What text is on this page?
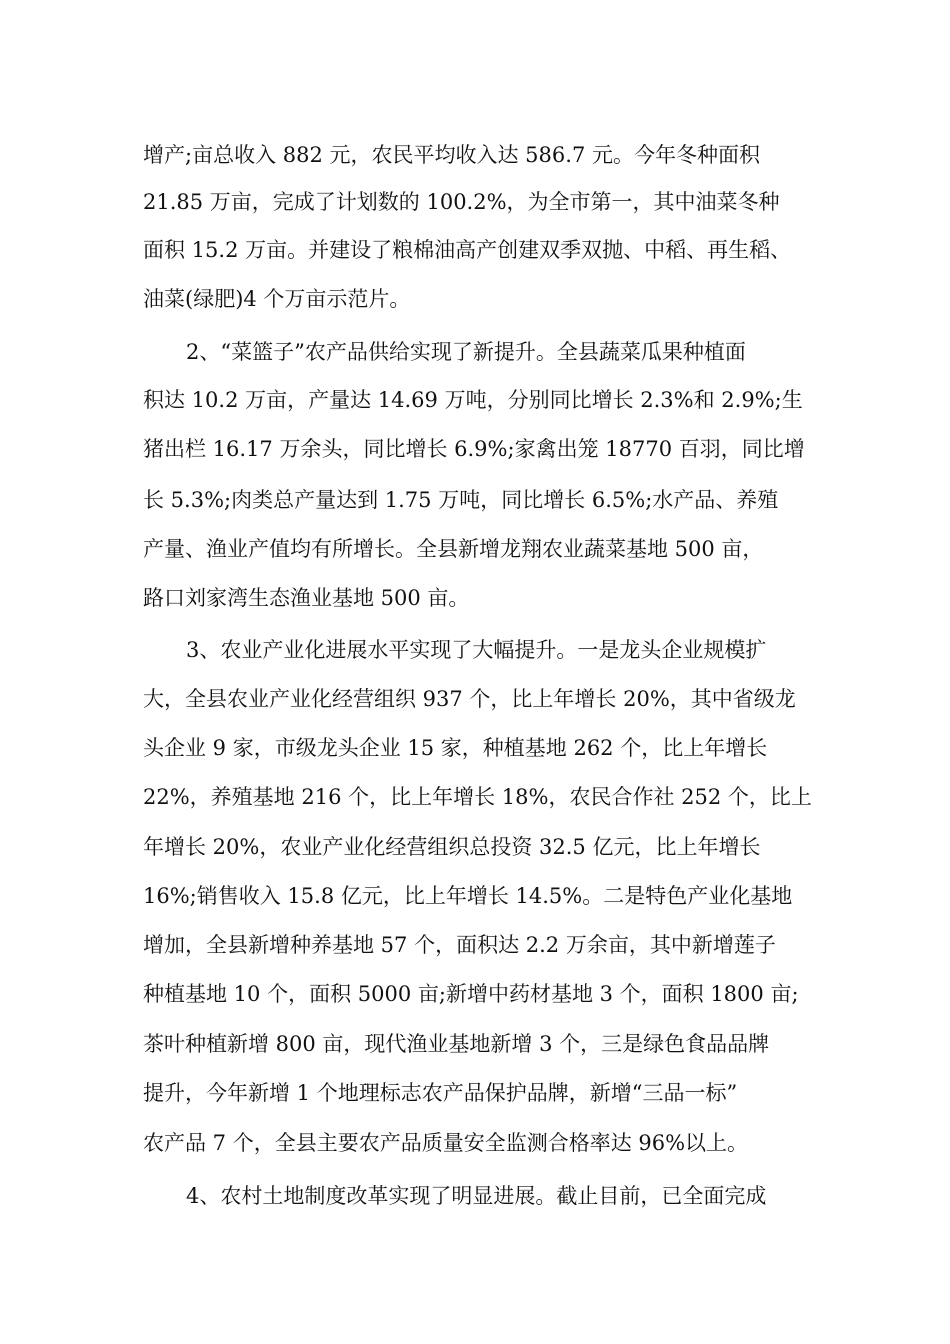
增产;亩总收入 882 元，农民平均收入达 586.7 元。今年冬种面积
21.85 万亩，完成了计划数的 100.2%，为全市第一，其中油菜冬种
面积 15.2 万亩。并建设了粮棉油高产创建双季双抛、中稻、再生稻、
油菜(绿肥)4 个万亩示范片。
2、“菜篮子”农产品供给实现了新提升。全县蔬菜瓜果种植面
积达 10.2 万亩，产量达 14.69 万吨，分别同比增长 2.3%和 2.9%;生
猪出栏 16.17 万余头，同比增长 6.9%;家禽出笼 18770 百羽，同比增
长 5.3%;肉类总产量达到 1.75 万吨，同比增长 6.5%;水产品、养殖
产量、渔业产值均有所增长。全县新增龙翔农业蔬菜基地 500 亩，
路口刘家湾生态渔业基地 500 亩。
3、农业产业化进展水平实现了大幅提升。一是龙头企业规模扩
大，全县农业产业化经营组织 937 个，比上年增长 20%，其中省级龙
头企业 9 家，市级龙头企业 15 家，种植基地 262 个，比上年增长
22%，养殖基地 216 个，比上年增长 18%，农民合作社 252 个，比上
年增长 20%，农业产业化经营组织总投资 32.5 亿元，比上年增长
16%;销售收入 15.8 亿元，比上年增长 14.5%。二是特色产业化基地
增加，全县新增种养基地 57 个，面积达 2.2 万余亩，其中新增莲子
种植基地 10 个，面积 5000 亩;新增中药材基地 3 个，面积 1800 亩;
茶叶种植新增 800 亩，现代渔业基地新增 3 个，三是绿色食品品牌
提升，今年新增 1 个地理标志农产品保护品牌，新增“三品一标”
农产品 7 个，全县主要农产品质量安全监测合格率达 96%以上。
4、农村土地制度改革实现了明显进展。截止目前，已全面完成
